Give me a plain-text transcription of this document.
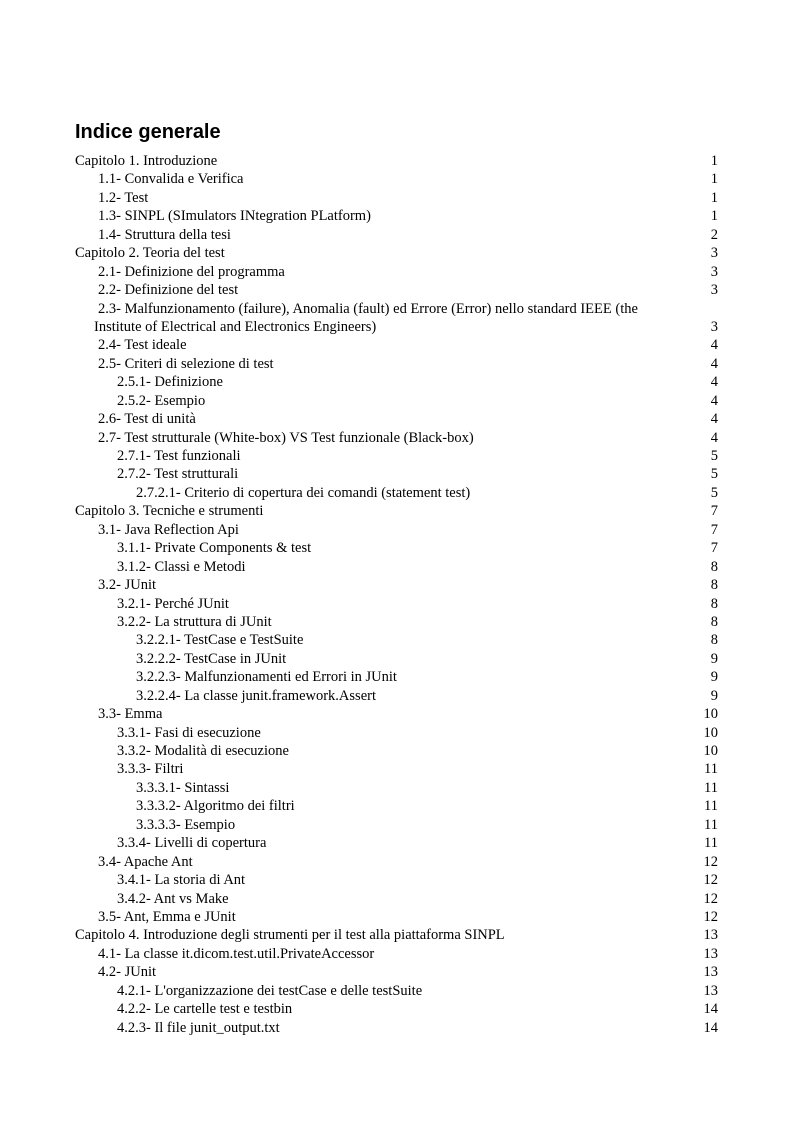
Indice generale
Capitolo 1. Introduzione	1
1.1- Convalida e Verifica	1
1.2- Test	1
1.3- SINPL (SImulators INtegration PLatform)	1
1.4- Struttura della tesi	2
Capitolo 2. Teoria del test	3
2.1- Definizione del programma	3
2.2- Definizione del test	3
2.3- Malfunzionamento (failure), Anomalia (fault) ed Errore (Error) nello standard IEEE (the
Institute of Electrical and Electronics Engineers)	3
2.4- Test ideale	4
2.5- Criteri di selezione di test	4
2.5.1- Definizione	4
2.5.2- Esempio	4
2.6- Test di unità	4
2.7- Test strutturale (White-box) VS Test funzionale (Black-box)	4
2.7.1- Test funzionali	5
2.7.2- Test strutturali	5
2.7.2.1- Criterio di copertura dei comandi (statement test)	5
Capitolo 3. Tecniche e strumenti	7
3.1- Java Reflection Api	7
3.1.1- Private Components & test	7
3.1.2- Classi e Metodi	8
3.2- JUnit	8
3.2.1- Perché JUnit	8
3.2.2- La struttura di JUnit	8
3.2.2.1- TestCase e TestSuite	8
3.2.2.2- TestCase in JUnit	9
3.2.2.3- Malfunzionamenti ed Errori in JUnit	9
3.2.2.4- La classe junit.framework.Assert	9
3.3- Emma	10
3.3.1- Fasi di esecuzione	10
3.3.2- Modalità di esecuzione	10
3.3.3- Filtri	11
3.3.3.1- Sintassi	11
3.3.3.2- Algoritmo dei filtri	11
3.3.3.3- Esempio	11
3.3.4- Livelli di copertura	11
3.4- Apache Ant	12
3.4.1- La storia di Ant	12
3.4.2- Ant vs Make	12
3.5- Ant, Emma e JUnit	12
Capitolo 4. Introduzione degli strumenti per il test alla piattaforma SINPL	13
4.1- La classe it.dicom.test.util.PrivateAccessor	13
4.2- JUnit	13
4.2.1- L'organizzazione dei testCase e delle testSuite	13
4.2.2- Le cartelle test e testbin	14
4.2.3- Il file junit_output.txt	14
